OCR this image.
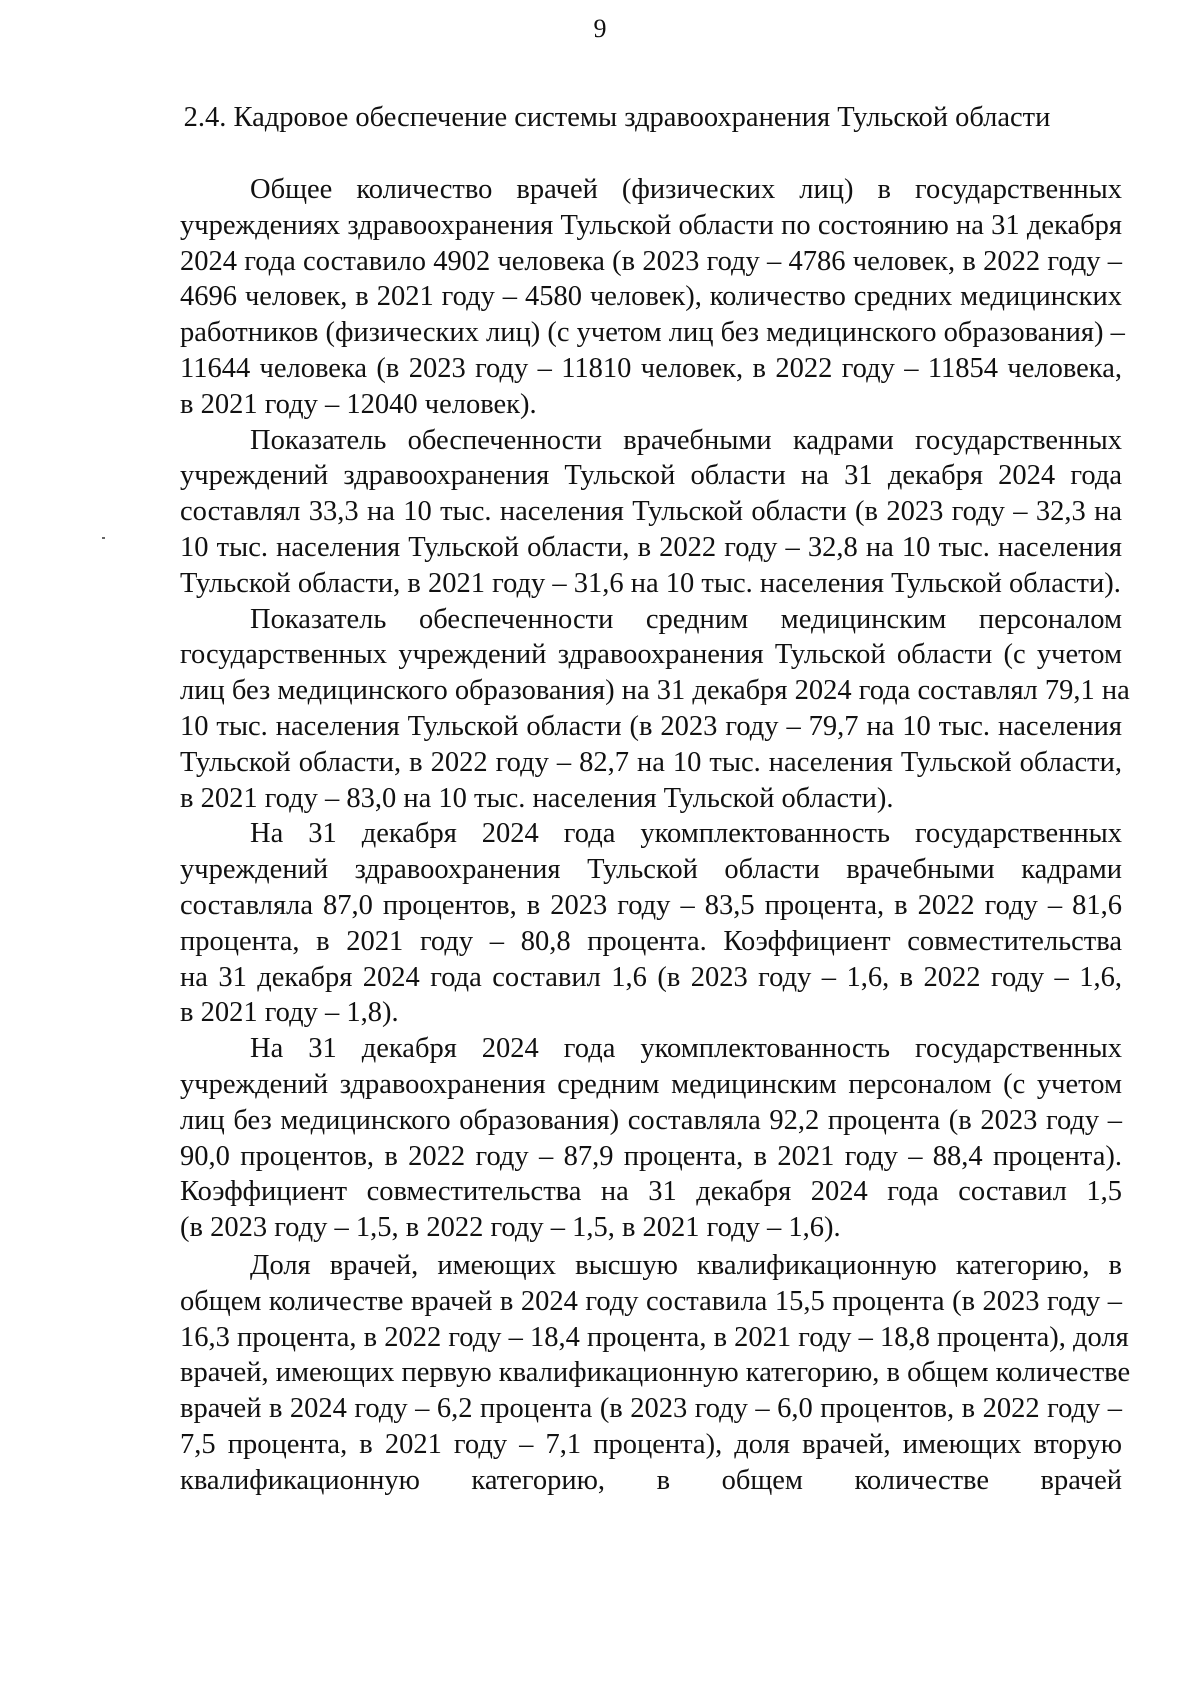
9
2.4. Кадровое обеспечение системы здравоохранения Тульской области
Общее количество врачей (физических лиц) в государственных
учреждениях здравоохранения Тульской области по состоянию на 31 декабря
2024 года составило 4902 человека (в 2023 году – 4786 человек, в 2022 году –
4696 человек, в 2021 году – 4580 человек), количество средних медицинских
работников (физических лиц) (с учетом лиц без медицинского образования) –
11644 человека (в 2023 году – 11810 человек, в 2022 году – 11854 человека,
в 2021 году – 12040 человек).
Показатель обеспеченности врачебными кадрами государственных
учреждений здравоохранения Тульской области на 31 декабря 2024 года
составлял 33,3 на 10 тыс. населения Тульской области (в 2023 году – 32,3 на
10 тыс. населения Тульской области, в 2022 году – 32,8 на 10 тыс. населения
Тульской области, в 2021 году – 31,6 на 10 тыс. населения Тульской области).
Показатель обеспеченности средним медицинским персоналом
государственных учреждений здравоохранения Тульской области (с учетом
лиц без медицинского образования) на 31 декабря 2024 года составлял 79,1 на
10 тыс. населения Тульской области (в 2023 году – 79,7 на 10 тыс. населения
Тульской области, в 2022 году – 82,7 на 10 тыс. населения Тульской области,
в 2021 году – 83,0 на 10 тыс. населения Тульской области).
На 31 декабря 2024 года укомплектованность государственных
учреждений здравоохранения Тульской области врачебными кадрами
составляла 87,0 процентов, в 2023 году – 83,5 процента, в 2022 году – 81,6
процента, в 2021 году – 80,8 процента. Коэффициент совместительства
на 31 декабря 2024 года составил 1,6 (в 2023 году – 1,6, в 2022 году – 1,6,
в 2021 году – 1,8).
На 31 декабря 2024 года укомплектованность государственных
учреждений здравоохранения средним медицинским персоналом (с учетом
лиц без медицинского образования) составляла 92,2 процента (в 2023 году –
90,0 процентов, в 2022 году – 87,9 процента, в 2021 году – 88,4 процента).
Коэффициент совместительства на 31 декабря 2024 года составил 1,5
(в 2023 году – 1,5, в 2022 году – 1,5, в 2021 году – 1,6).
Доля врачей, имеющих высшую квалификационную категорию, в
общем количестве врачей в 2024 году составила 15,5 процента (в 2023 году –
16,3 процента, в 2022 году – 18,4 процента, в 2021 году – 18,8 процента), доля
врачей, имеющих первую квалификационную категорию, в общем количестве
врачей в 2024 году – 6,2 процента (в 2023 году – 6,0 процентов, в 2022 году –
7,5 процента, в 2021 году – 7,1 процента), доля врачей, имеющих вторую
квалификационную категорию, в общем количестве врачей
